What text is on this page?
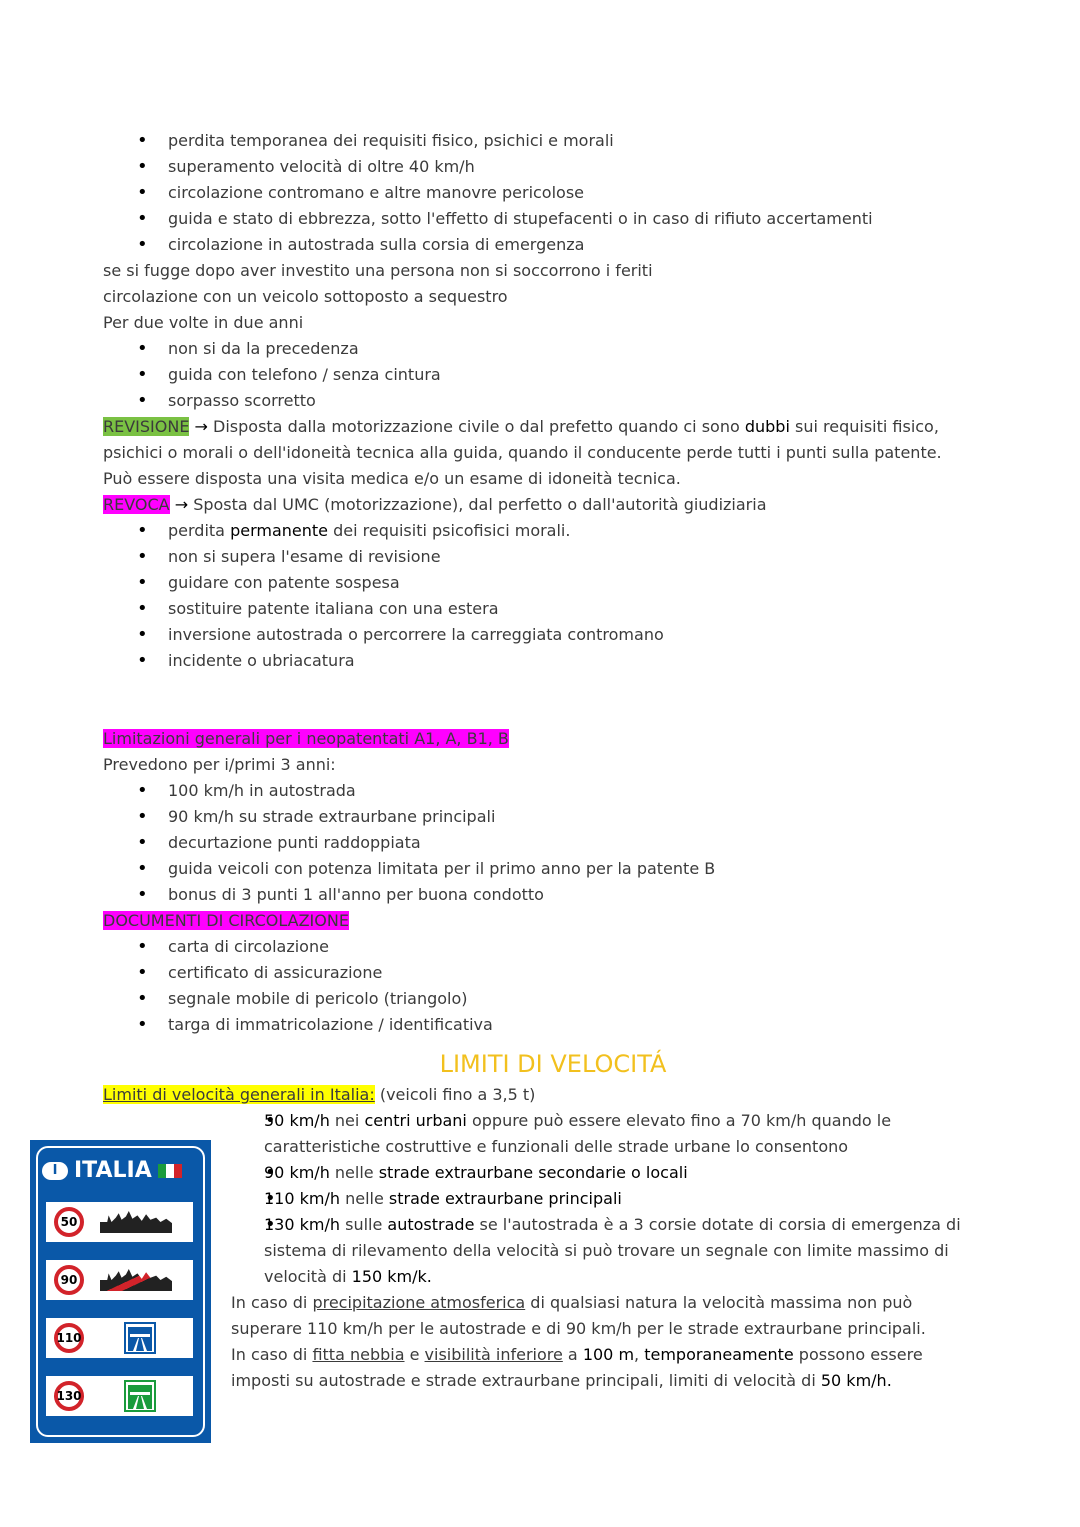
• perdita temporanea dei requisiti fisico, psichici e morali
• superamento velocità di oltre 40 km/h
• circolazione contromano e altre manovre pericolose
• guida e stato di ebbrezza, sotto l'effetto di stupefacenti o in caso di rifiuto accertamenti
• circolazione in autostrada sulla corsia di emergenza
se si fugge dopo aver investito una persona non si soccorrono i feriti
circolazione con un veicolo sottoposto a sequestro
Per due volte in due anni
• non si da la precedenza
• guida con telefono / senza cintura
• sorpasso scorretto
REVISIONE → Disposta dalla motorizzazione civile o dal prefetto quando ci sono dubbi sui requisiti fisico, psichici o morali o dell'idoneità tecnica alla guida, quando il conducente perde tutti i punti sulla patente.
Può essere disposta una visita medica e/o un esame di idoneità tecnica.
REVOCA → Sposta dal UMC (motorizzazione), dal perfetto o dall'autorità giudiziaria
• perdita permanente dei requisiti psicofisici morali.
• non si supera l'esame di revisione
• guidare con patente sospesa
• sostituire patente italiana con una estera
• inversione autostrada o percorrere la carreggiata contromano
• incidente o ubriacatura
Limitazioni generali per i neopatentati A1, A, B1, B
Prevedono per i/primi 3 anni:
• 100 km/h in autostrada
• 90 km/h su strade extraurbane principali
• decurtazione punti raddoppiata
• guida veicoli con potenza limitata per il primo anno per la patente B
• bonus di 3 punti 1 all'anno per buona condotto
DOCUMENTI DI CIRCOLAZIONE
• carta di circolazione
• certificato di assicurazione
• segnale mobile di pericolo (triangolo)
• targa di immatricolazione / identificativa
LIMITI DI VELOCITÁ
Limiti di velocità generali in Italia: (veicoli fino a 3,5 t)
• 50 km/h nei centri urbani oppure può essere elevato fino a 70 km/h quando le caratteristiche costruttive e funzionali delle strade urbane lo consentono
• 90 km/h nelle strade extraurbane secondarie o locali
• 110 km/h nelle strade extraurbane principali
• 130 km/h sulle autostrade se l'autostrada è a 3 corsie dotate di corsia di emergenza di sistema di rilevamento della velocità si può trovare un segnale con limite massimo di velocità di 150 km/k.
In caso di precipitazione atmosferica di qualsiasi natura la velocità massima non può superare 110 km/h per le autostrade e di 90 km/h per le strade extraurbane principali.
In caso di fitta nebbia e visibilità inferiore a 100 m, temporaneamente possono essere imposti su autostrade e strade extraurbane principali, limiti di velocità di 50 km/h.
I ITALIA
50
90
110
130
